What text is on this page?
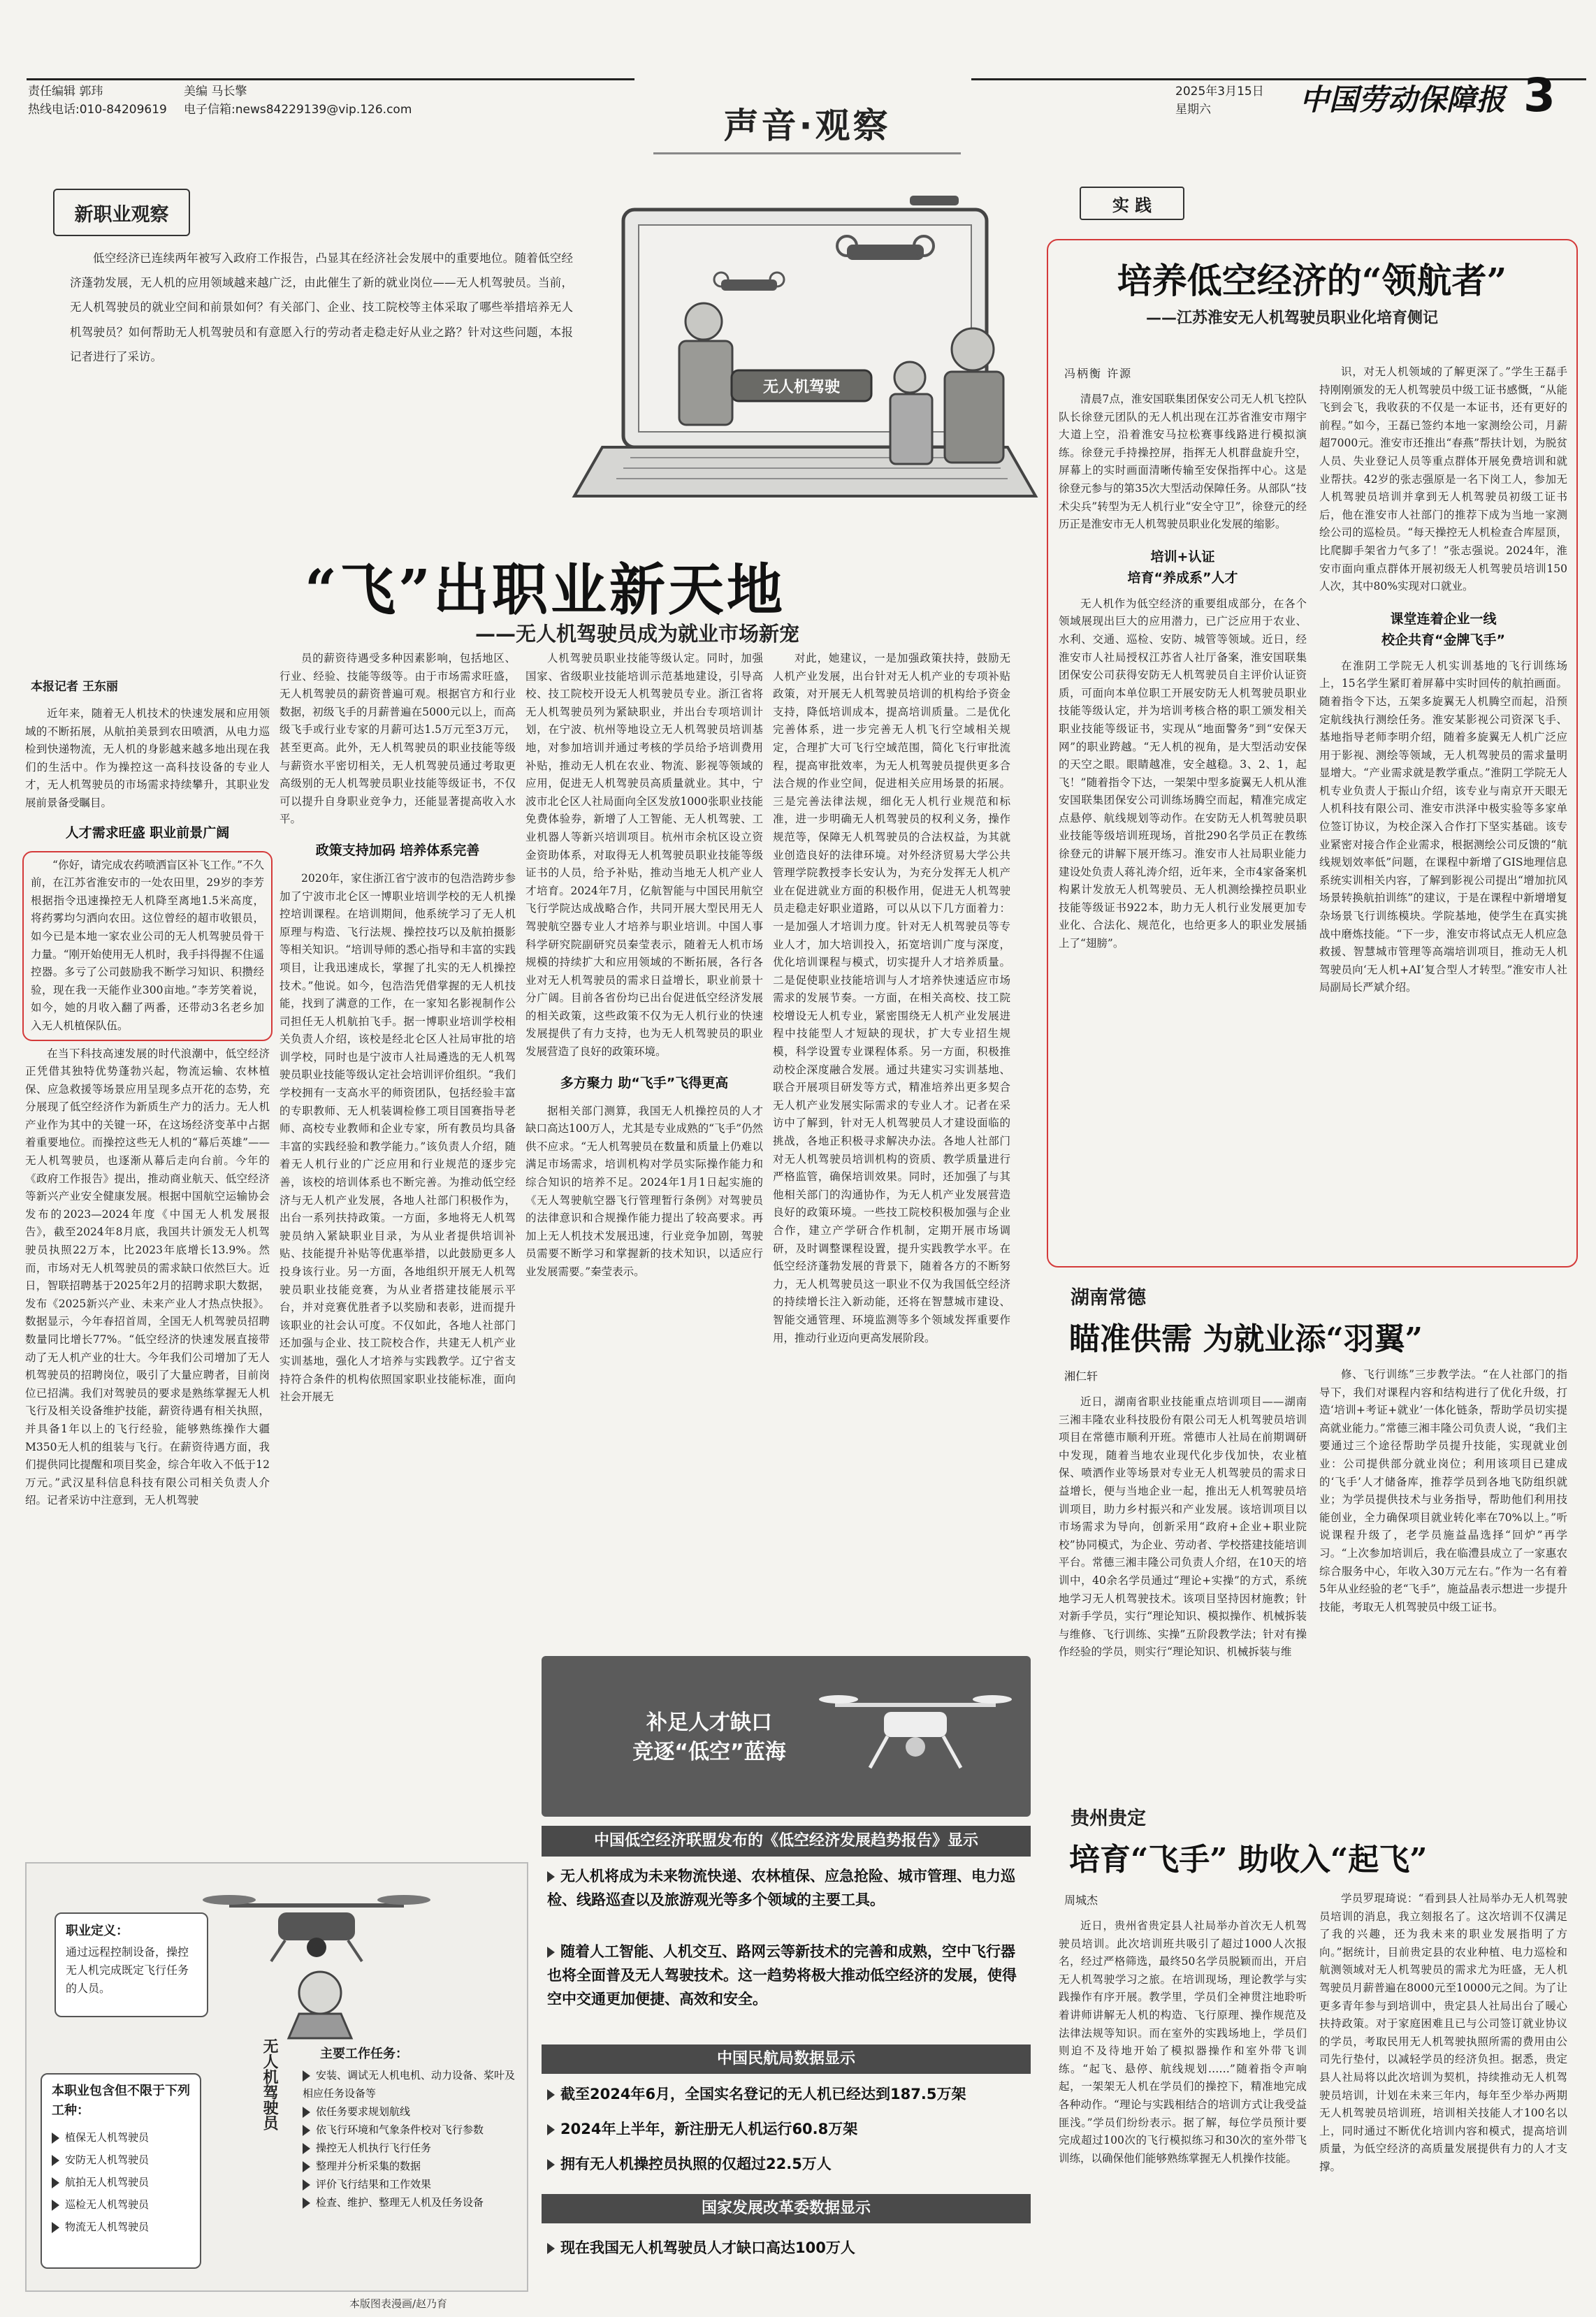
责任编辑 郭玮
热线电话:010-84209619
美编 马长擎
电子信箱:news84229139@vip.126.com	声音·观察
2025年3月15日
星期六	中国劳动保障报 3
新职业观察
低空经济已连续两年被写入政府工作报告，凸显其在经济社会发展中的重要地位。随着低空经济蓬勃发展，无人机的应用领域越来越广泛，由此催生了新的就业岗位——无人机驾驶员。当前，无人机驾驶员的就业空间和前景如何？有关部门、企业、技工院校等主体采取了哪些举措培养无人机驾驶员？如何帮助无人机驾驶员和有意愿入行的劳动者走稳走好从业之路？针对这些问题，本报记者进行了采访。
无人机驾驶
“飞”出职业新天地
——无人机驾驶员成为就业市场新宠
本报记者 王东丽
近年来，随着无人机技术的快速发展和应用领域的不断拓展，从航拍美景到农田喷洒，从电力巡检到快递物流，无人机的身影越来越多地出现在我们的生活中。作为操控这一高科技设备的专业人才，无人机驾驶员的市场需求持续攀升，其职业发展前景备受瞩目。
人才需求旺盛 职业前景广阔
“你好，请完成农药喷洒盲区补飞工作。”不久前，在江苏省淮安市的一处农田里，29岁的李芳根据指令迅速操控无人机降至离地1.5米高度，将药雾均匀洒向农田。这位曾经的超市收银员，如今已是本地一家农业公司的无人机驾驶员骨干力量。“刚开始使用无人机时，我手抖得握不住遥控器。多亏了公司鼓励我不断学习知识、积攒经验，现在我一天能作业300亩地。”李芳笑着说，如今，她的月收入翻了两番，还带动3名老乡加入无人机植保队伍。
在当下科技高速发展的时代浪潮中，低空经济正凭借其独特优势蓬勃兴起，物流运输、农林植保、应急救援等场景应用呈现多点开花的态势，充分展现了低空经济作为新质生产力的活力。无人机产业作为其中的关键一环，在这场经济变革中占据着重要地位。而操控这些无人机的“幕后英雄”——无人机驾驶员，也逐渐从幕后走向台前。今年的《政府工作报告》提出，推动商业航天、低空经济等新兴产业安全健康发展。根据中国航空运输协会发布的2023—2024年度《中国无人机发展报告》，截至2024年8月底，我国共计颁发无人机驾驶员执照22万本，比2023年底增长13.9%。然而，市场对无人机驾驶员的需求缺口依然巨大。近日，智联招聘基于2025年2月的招聘求职大数据，发布《2025新兴产业、未来产业人才热点快报》。数据显示，今年春招首周，全国无人机驾驶员招聘数量同比增长77%。“低空经济的快速发展直接带动了无人机产业的壮大。今年我们公司增加了无人机驾驶员的招聘岗位，吸引了大量应聘者，目前岗位已招满。我们对驾驶员的要求是熟练掌握无人机飞行及相关设备维护技能，薪资待遇有相关执照，并具备1年以上的飞行经验，能够熟练操作大疆M350无人机的组装与飞行。在薪资待遇方面，我们提供同比提醒和项目奖金，综合年收入不低于12万元。”武汉星科信息科技有限公司相关负责人介绍。记者采访中注意到，无人机驾驶
员的薪资待遇受多种因素影响，包括地区、行业、经验、技能等级等。由于市场需求旺盛，无人机驾驶员的薪资普遍可观。根据官方和行业数据，初级飞手的月薪普遍在5000元以上，而高级飞手或行业专家的月薪可达1.5万元至3万元，甚至更高。此外，无人机驾驶员的职业技能等级与薪资水平密切相关，无人机驾驶员通过考取更高级别的无人机驾驶员职业技能等级证书，不仅可以提升自身职业竞争力，还能显著提高收入水平。
政策支持加码 培养体系完善
2020年，家住浙江省宁波市的包浩浩跨步参加了宁波市北仑区一博职业培训学校的无人机操控培训课程。在培训期间，他系统学习了无人机原理与构造、飞行法规、操控技巧以及航拍摄影等相关知识。“培训导师的悉心指导和丰富的实践项目，让我迅速成长，掌握了扎实的无人机操控技术。”他说。如今，包浩浩凭借掌握的无人机技能，找到了满意的工作，在一家知名影视制作公司担任无人机航拍飞手。据一博职业培训学校相关负责人介绍，该校是经北仑区人社局审批的培训学校，同时也是宁波市人社局遴选的无人机驾驶员职业技能等级认定社会培训评价组织。“我们学校拥有一支高水平的师资团队，包括经验丰富的专职教师、无人机装调检修工项目国赛指导老师、高校专业教师和企业专家，所有教员均具备丰富的实践经验和教学能力。”该负责人介绍，随着无人机行业的广泛应用和行业规范的逐步完善，该校的培训体系也不断完善。为推动低空经济与无人机产业发展，各地人社部门积极作为，出台一系列扶持政策。一方面，多地将无人机驾驶员纳入紧缺职业目录，为从业者提供培训补贴、技能提升补贴等优惠举措，以此鼓励更多人投身该行业。另一方面，各地组织开展无人机驾驶员职业技能竞赛，为从业者搭建技能展示平台，并对竞赛优胜者予以奖励和表彰，进而提升该职业的社会认可度。不仅如此，各地人社部门还加强与企业、技工院校合作，共建无人机产业实训基地，强化人才培养与实践教学。辽宁省支持符合条件的机构依照国家职业技能标准，面向社会开展无
人机驾驶员职业技能等级认定。同时，加强国家、省级职业技能培训示范基地建设，引导高校、技工院校开设无人机驾驶员专业。浙江省将无人机驾驶员列为紧缺职业，并出台专项培训计划，在宁波、杭州等地设立无人机驾驶员培训基地，对参加培训并通过考核的学员给予培训费用补贴，推动无人机在农业、物流、影视等领域的应用，促进无人机驾驶员高质量就业。其中，宁波市北仑区人社局面向全区发放1000张职业技能免费体验券，新增了人工智能、无人机驾驶、工业机器人等新兴培训项目。杭州市余杭区设立资金资助体系，对取得无人机驾驶员职业技能等级证书的人员，给予补贴，推动当地无人机产业人才培育。2024年7月，亿航智能与中国民用航空飞行学院达成战略合作，共同开展大型民用无人驾驶航空器专业人才培养与职业培训。中国人事科学研究院副研究员秦莹表示，随着无人机市场规模的持续扩大和应用领域的不断拓展，各行各业对无人机驾驶员的需求日益增长，职业前景十分广阔。目前各省份均已出台促进低空经济发展的相关政策，这些政策不仅为无人机行业的快速发展提供了有力支持，也为无人机驾驶员的职业发展营造了良好的政策环境。
多方聚力 助“飞手”飞得更高
据相关部门测算，我国无人机操控员的人才缺口高达100万人，尤其是专业成熟的“飞手”仍然供不应求。“无人机驾驶员在数量和质量上仍难以满足市场需求，培训机构对学员实际操作能力和综合知识的培养不足。2024年1月1日起实施的《无人驾驶航空器飞行管理暂行条例》对驾驶员的法律意识和合规操作能力提出了较高要求。再加上无人机技术发展迅速，行业竞争加剧，驾驶员需要不断学习和掌握新的技术知识，以适应行业发展需要。”秦莹表示。
对此，她建议，一是加强政策扶持，鼓励无人机产业发展，出台针对无人机产业的专项补贴政策，对开展无人机驾驶员培训的机构给予资金支持，降低培训成本，提高培训质量。二是优化完善体系，进一步完善无人机飞行空域相关规定，合理扩大可飞行空域范围，简化飞行审批流程，提高审批效率，为无人机驾驶员提供更多合法合规的作业空间，促进相关应用场景的拓展。三是完善法律法规，细化无人机行业规范和标准，进一步明确无人机驾驶员的权利义务，操作规范等，保障无人机驾驶员的合法权益，为其就业创造良好的法律环境。对外经济贸易大学公共管理学院教授李长安认为，为充分发挥无人机产业在促进就业方面的积极作用，促进无人机驾驶员走稳走好职业道路，可以从以下几方面着力：一是加强人才培训力度。针对无人机驾驶员等专业人才，加大培训投入，拓宽培训广度与深度，优化培训课程与模式，切实提升人才培养质量。二是促使职业技能培训与人才培养快速适应市场需求的发展节奏。一方面，在相关高校、技工院校增设无人机专业，紧密围绕无人机产业发展进程中技能型人才短缺的现状，扩大专业招生规模，科学设置专业课程体系。另一方面，积极推动校企深度融合发展。通过共建实习实训基地、联合开展项目研发等方式，精准培养出更多契合无人机产业发展实际需求的专业人才。记者在采访中了解到，针对无人机驾驶员人才建设面临的挑战，各地正积极寻求解决办法。各地人社部门对无人机驾驶员培训机构的资质、教学质量进行严格监管，确保培训效果。同时，还加强了与其他相关部门的沟通协作，为无人机产业发展营造良好的政策环境。一些技工院校积极加强与企业合作，建立产学研合作机制，定期开展市场调研，及时调整课程设置，提升实践教学水平。在低空经济蓬勃发展的背景下，随着各方的不断努力，无人机驾驶员这一职业不仅为我国低空经济的持续增长注入新动能，还将在智慧城市建设、智能交通管理、环境监测等多个领域发挥重要作用，推动行业迈向更高发展阶段。
实 践
培养低空经济的“领航者”
——江苏淮安无人机驾驶员职业化培育侧记
冯柄衡 许源
清晨7点，淮安国联集团保安公司无人机飞控队队长徐登元团队的无人机出现在江苏省淮安市翔宇大道上空，沿着淮安马拉松赛事线路进行模拟演练。徐登元手持操控屏，指挥无人机群盘旋升空，屏幕上的实时画面清晰传输至安保指挥中心。这是徐登元参与的第35次大型活动保障任务。从部队“技术尖兵”转型为无人机行业“安全守卫”，徐登元的经历正是淮安市无人机驾驶员职业化发展的缩影。
培训+认证
培育“养成系”人才
无人机作为低空经济的重要组成部分，在各个领域展现出巨大的应用潜力，已广泛应用于农业、水利、交通、巡检、安防、城管等领域。近日，经淮安市人社局授权江苏省人社厅备案，淮安国联集团保安公司获得安防无人机驾驶员自主评价认证资质，可面向本单位职工开展安防无人机驾驶员职业技能等级认定，并为培训考核合格的职工颁发相关职业技能等级证书，实现从“地面警务”到“安保天网”的职业跨越。“无人机的视角，是大型活动安保的天空之眼。眼睛越准，安全越稳。3、2、1，起飞！”随着指令下达，一架架中型多旋翼无人机从淮安国联集团保安公司训练场腾空而起，精准完成定点悬停、航线规划等动作。在安防无人机驾驶员职业技能等级培训班现场，首批290名学员正在教练徐登元的讲解下展开练习。淮安市人社局职业能力建设处负责人蒋礼涛介绍，近年来，全市4家备案机构累计发放无人机驾驶员、无人机测绘操控员职业技能等级证书922本，助力无人机行业发展更加专业化、合法化、规范化，也给更多人的职业发展插上了“翅膀”。
识，对无人机领域的了解更深了。”学生王磊手持刚刚颁发的无人机驾驶员中级工证书感慨，“从能飞到会飞，我收获的不仅是一本证书，还有更好的前程。”如今，王磊已签约本地一家测绘公司，月薪超7000元。淮安市还推出“春燕”帮扶计划，为脱贫人员、失业登记人员等重点群体开展免费培训和就业帮扶。42岁的张志强原是一名下岗工人，参加无人机驾驶员培训并拿到无人机驾驶员初级工证书后，他在淮安市人社部门的推荐下成为当地一家测绘公司的巡检员。“每天操控无人机检查合库屋顶，比爬脚手架省力气多了！”张志强说。2024年，淮安市面向重点群体开展初级无人机驾驶员培训150人次，其中80%实现对口就业。
课堂连着企业一线
校企共育“金牌飞手”
在淮阴工学院无人机实训基地的飞行训练场上，15名学生紧盯着屏幕中实时回传的航拍画面。随着指令下达，五架多旋翼无人机腾空而起，沿预定航线执行测绘任务。淮安某影视公司资深飞手、基地指导老师李明介绍，随着多旋翼无人机广泛应用于影视、测绘等领域，无人机驾驶员的需求量明显增大。“产业需求就是教学重点。”淮阴工学院无人机专业负责人于振山介绍，该专业与南京开天眼无人机科技有限公司、淮安市洪泽中极实验等多家单位签订协议，为校企深入合作打下坚实基础。该专业紧密对接合作企业需求，根据测绘公司反馈的“航线规划效率低”问题，在课程中新增了GIS地理信息系统实训相关内容，了解到影视公司提出“增加抗风场景转换航拍训练”的建议，于是在课程中新增增复杂场景飞行训练模块。学院基地，使学生在真实挑战中磨炼技能。“下一步，淮安市将试点无人机应急救援、智慧城市管理等高端培训项目，推动无人机驾驶员向‘无人机+AI’复合型人才转型。”淮安市人社局副局长严斌介绍。
湖南常德
瞄准供需 为就业添“羽翼”
湘仁轩
近日，湖南省职业技能重点培训项目——湖南三湘丰隆农业科技股份有限公司无人机驾驶员培训项目在常德市顺利开班。常德市人社局在前期调研中发现，随着当地农业现代化步伐加快，农业植保、喷洒作业等场景对专业无人机驾驶员的需求日益增长，便与当地企业一起，推出无人机驾驶员培训项目，助力乡村振兴和产业发展。该培训项目以市场需求为导向，创新采用“政府+企业+职业院校”协同模式，为企业、劳动者、学校搭建技能培训平台。常德三湘丰隆公司负责人介绍，在10天的培训中，40余名学员通过“理论+实操”的方式，系统地学习无人机驾驶技术。该项目坚持因材施教；针对新手学员，实行“理论知识、模拟操作、机械拆装与维修、飞行训练、实操”五阶段教学法；针对有操作经验的学员，则实行“理论知识、机械拆装与维
修、飞行训练”三步教学法。“在人社部门的指导下，我们对课程内容和结构进行了优化升级，打造‘培训+考证+就业’一体化链条，帮助学员切实提高就业能力。”常德三湘丰隆公司负责人说，“我们主要通过三个途径帮助学员提升技能，实现就业创业：公司提供部分就业岗位；利用该项目已建成的‘飞手’人才储备库，推荐学员到各地飞防组织就业；为学员提供技术与业务指导，帮助他们利用技能创业，全力确保项目就业转化率在70%以上。”听说课程升级了，老学员施益晶选择“回炉”再学习。“上次参加培训后，我在临澧县成立了一家惠农综合服务中心，年收入30万元左右。”作为一名有着5年从业经验的老“飞手”，施益晶表示想进一步提升技能，考取无人机驾驶员中级工证书。
贵州贵定
培育“飞手” 助收入“起飞”
周城杰
近日，贵州省贵定县人社局举办首次无人机驾驶员培训。此次培训班共吸引了超过1000人次报名，经过严格筛选，最终50名学员脱颖而出，开启无人机驾驶学习之旅。在培训现场，理论教学与实践操作有序开展。教学里，学员们全神贯注地聆听着讲师讲解无人机的构造、飞行原理、操作规范及法律法规等知识。而在室外的实践场地上，学员们则迫不及待地开始了模拟器操作和室外带飞训练。“起飞、悬停、航线规划……”随着指令声响起，一架架无人机在学员们的操控下，精准地完成各种动作。“理论与实践相结合的培训方式让我受益匪浅。”学员们纷纷表示。据了解，每位学员预计要完成超过100次的飞行模拟练习和30次的室外带飞训练，以确保他们能够熟练掌握无人机操作技能。
学员罗琨琦说：“看到县人社局举办无人机驾驶员培训的消息，我立刻报名了。这次培训不仅满足了我的兴趣，还为我未来的职业发展指明了方向。”据统计，目前贵定县的农业种植、电力巡检和航测领域对无人机驾驶员的需求尤为旺盛，无人机驾驶员月薪普遍在8000元至10000元之间。为了让更多青年参与到培训中，贵定县人社局出台了暖心扶持政策。对于家庭困难且已与公司签订就业协议的学员，考取民用无人机驾驶执照所需的费用由公司先行垫付，以减轻学员的经济负担。据悉，贵定县人社局将以此次培训为契机，持续推动无人机驾驶员培训，计划在未来三年内，每年至少举办两期无人机驾驶员培训班，培训相关技能人才100名以上，同时通过不断优化培训内容和模式，提高培训质量，为低空经济的高质量发展提供有力的人才支撑。
职业定义：
通过远程控制设备，操控无人机完成既定飞行任务的人员。
无人机驾驶员	主要工作任务：
安装、调试无人机电机、动力设备、桨叶及相应任务设备等
依任务要求规划航线
依飞行环境和气象条件校对飞行参数
操控无人机执行飞行任务
整理并分析采集的数据
评价飞行结果和工作效果
检查、维护、整理无人机及任务设备
本职业包含但不限于下列工种：
植保无人机驾驶员
安防无人机驾驶员
航拍无人机驾驶员
巡检无人机驾驶员
物流无人机驾驶员
本版图表漫画/赵乃育
补足人才缺口
竞逐“低空”蓝海
中国低空经济联盟发布的《低空经济发展趋势报告》显示
无人机将成为未来物流快递、农林植保、应急抢险、城市管理、电力巡检、线路巡查以及旅游观光等多个领域的主要工具。
随着人工智能、人机交互、路网云等新技术的完善和成熟，空中飞行器也将全面普及无人驾驶技术。这一趋势将极大推动低空经济的发展，使得空中交通更加便捷、高效和安全。
中国民航局数据显示
截至2024年6月，全国实名登记的无人机已经达到187.5万架
2024年上半年，新注册无人机运行60.8万架
拥有无人机操控员执照的仅超过22.5万人
国家发展改革委数据显示
现在我国无人机驾驶员人才缺口高达100万人
